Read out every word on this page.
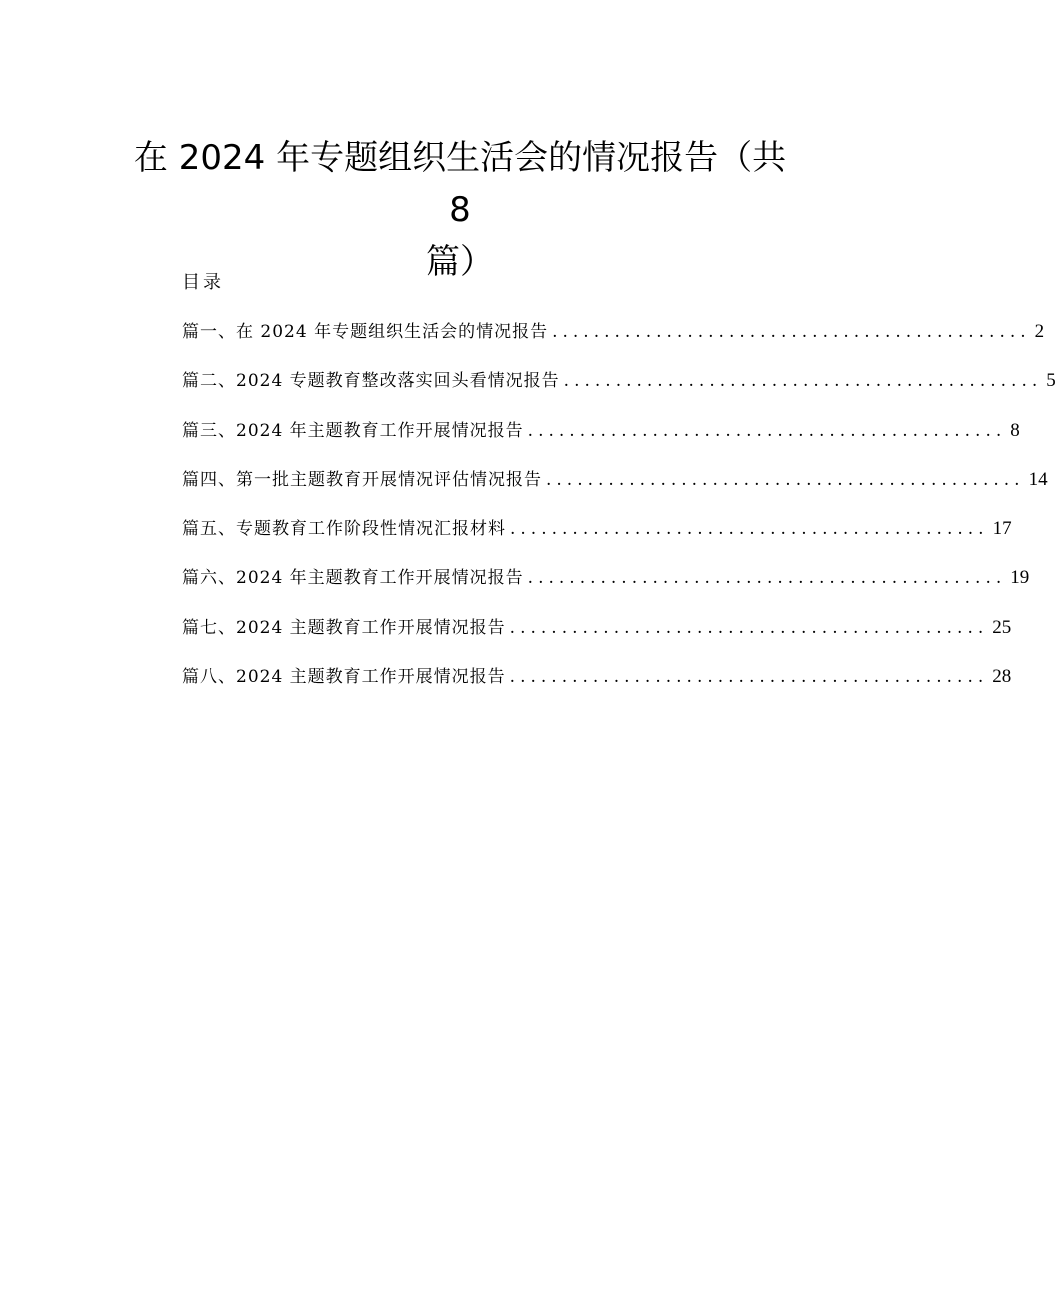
在 2024 年专题组织生活会的情况报告（共 8
篇）
目录
篇一、在 2024 年专题组织生活会的情况报告 .............................................. 2
篇二、2024 专题教育整改落实回头看情况报告 .............................................. 5
篇三、2024 年主题教育工作开展情况报告 .............................................. 8
篇四、第一批主题教育开展情况评估情况报告 .............................................. 14
篇五、专题教育工作阶段性情况汇报材料 .............................................. 17
篇六、2024 年主题教育工作开展情况报告 .............................................. 19
篇七、2024 主题教育工作开展情况报告 .............................................. 25
篇八、2024 主题教育工作开展情况报告 .............................................. 28
